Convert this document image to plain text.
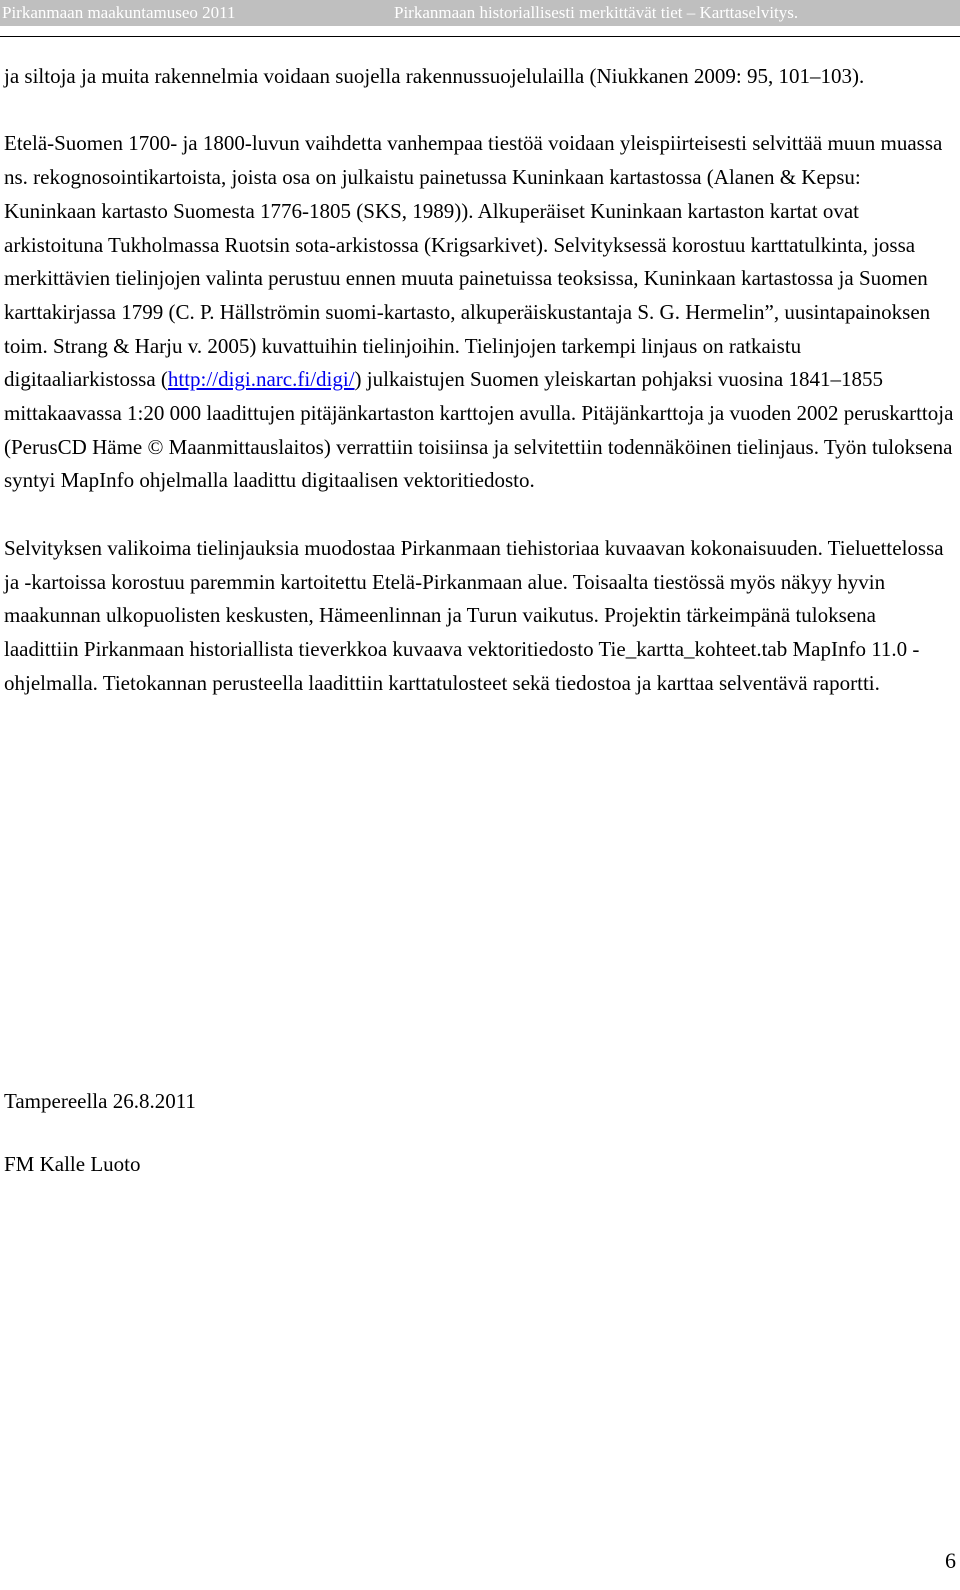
Pirkanmaan maakuntamuseo 2011	Pirkanmaan historiallisesti merkittävät tiet – Karttaselvitys.

ja siltoja ja muita rakennelmia voidaan suojella rakennussuojelulailla (Niukkanen 2009: 95, 101–103).

Etelä-Suomen 1700- ja 1800-luvun vaihdetta vanhempaa tiestöä voidaan yleispiirteisesti selvittää muun muassa ns. rekognosointikartoista, joista osa on julkaistu painetussa Kuninkaan kartastossa (Alanen & Kepsu: Kuninkaan kartasto Suomesta 1776-1805 (SKS, 1989)). Alkuperäiset Kuninkaan kartaston kartat ovat arkistoituna Tukholmassa Ruotsin sota-arkistossa (Krigsarkivet). Selvityksessä korostuu karttatulkinta, jossa merkittävien tielinjojen valinta perustuu ennen muuta painetuissa teoksissa, Kuninkaan kartastossa ja Suomen karttakirjassa 1799 (C. P. Hällströmin suomi-kartasto, alkuperäiskustantaja S. G. Hermelin”, uusintapainoksen toim. Strang & Harju v. 2005) kuvattuihin tielinjoihin. Tielinjojen tarkempi linjaus on ratkaistu digitaaliarkistossa (http://digi.narc.fi/digi/) julkaistujen Suomen yleiskartan pohjaksi vuosina 1841–1855 mittakaavassa 1:20 000 laadittujen pitäjänkartaston karttojen avulla. Pitäjänkarttoja ja vuoden 2002 peruskarttoja (PerusCD Häme © Maanmittauslaitos) verrattiin toisiinsa ja selvitettiin todennäköinen tielinjaus. Työn tuloksena syntyi MapInfo ohjelmalla laadittu digitaalisen vektoritiedosto.

Selvityksen valikoima tielinjauksia muodostaa Pirkanmaan tiehistoriaa kuvaavan kokonaisuuden. Tieluettelossa ja -kartoissa korostuu paremmin kartoitettu Etelä-Pirkanmaan alue. Toisaalta tiestössä myös näkyy hyvin maakunnan ulkopuolisten keskusten, Hämeenlinnan ja Turun vaikutus. Projektin tärkeimpänä tuloksena laadittiin Pirkanmaan historiallista tieverkkoa kuvaava vektoritiedosto Tie_kartta_kohteet.tab MapInfo 11.0 -ohjelmalla. Tietokannan perusteella laadittiin karttatulosteet sekä tiedostoa ja karttaa selventävä raportti.

Tampereella 26.8.2011
FM Kalle Luoto
6
